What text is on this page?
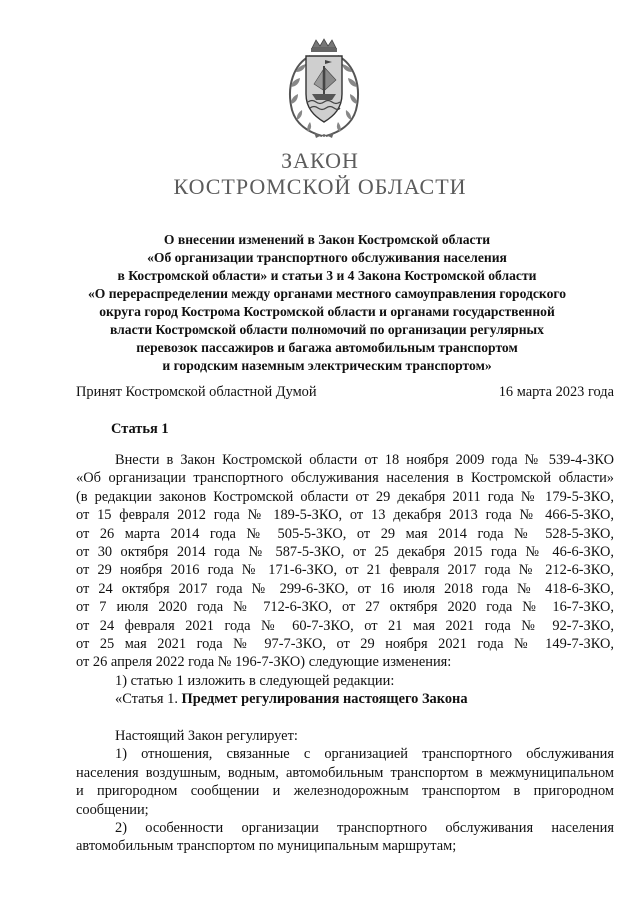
ЗАКОН
КОСТРОМСКОЙ ОБЛАСТИ
О внесении изменений в Закон Костромской области
«Об организации транспортного обслуживания населения
в Костромской области» и статьи 3 и 4 Закона Костромской области
«О перераспределении между органами местного самоуправления городского
округа город Кострома Костромской области и органами государственной
власти Костромской области полномочий по организации регулярных
перевозок пассажиров и багажа автомобильным транспортом
и городским наземным электрическим транспортом»
Принят Костромской областной Думой	16 марта 2023 года
Статья 1
Внести в Закон Костромской области от 18 ноября 2009 года № 539-4-ЗКО
«Об организации транспортного обслуживания населения в Костромской области»
(в редакции законов Костромской области от 29 декабря 2011 года № 179-5-ЗКО,
от 15 февраля 2012 года № 189-5-ЗКО, от 13 декабря 2013 года № 466-5-ЗКО,
от 26 марта 2014 года № 505-5-ЗКО, от 29 мая 2014 года № 528-5-ЗКО,
от 30 октября 2014 года № 587-5-ЗКО, от 25 декабря 2015 года № 46-6-ЗКО,
от 29 ноября 2016 года № 171-6-ЗКО, от 21 февраля 2017 года № 212-6-ЗКО,
от 24 октября 2017 года № 299-6-ЗКО, от 16 июля 2018 года № 418-6-ЗКО,
от 7 июля 2020 года № 712-6-ЗКО, от 27 октября 2020 года № 16-7-ЗКО,
от 24 февраля 2021 года № 60-7-ЗКО, от 21 мая 2021 года № 92-7-ЗКО,
от 25 мая 2021 года № 97-7-ЗКО, от 29 ноября 2021 года № 149-7-ЗКО,
от 26 апреля 2022 года № 196-7-ЗКО) следующие изменения:
1) статью 1 изложить в следующей редакции:
«Статья 1. Предмет регулирования настоящего Закона
Настоящий Закон регулирует:
1) отношения, связанные с организацией транспортного обслуживания
населения воздушным, водным, автомобильным транспортом в межмуниципальном
и пригородном сообщении и железнодорожным транспортом в пригородном
сообщении;
2) особенности организации транспортного обслуживания населения
автомобильным транспортом по муниципальным маршрутам;
